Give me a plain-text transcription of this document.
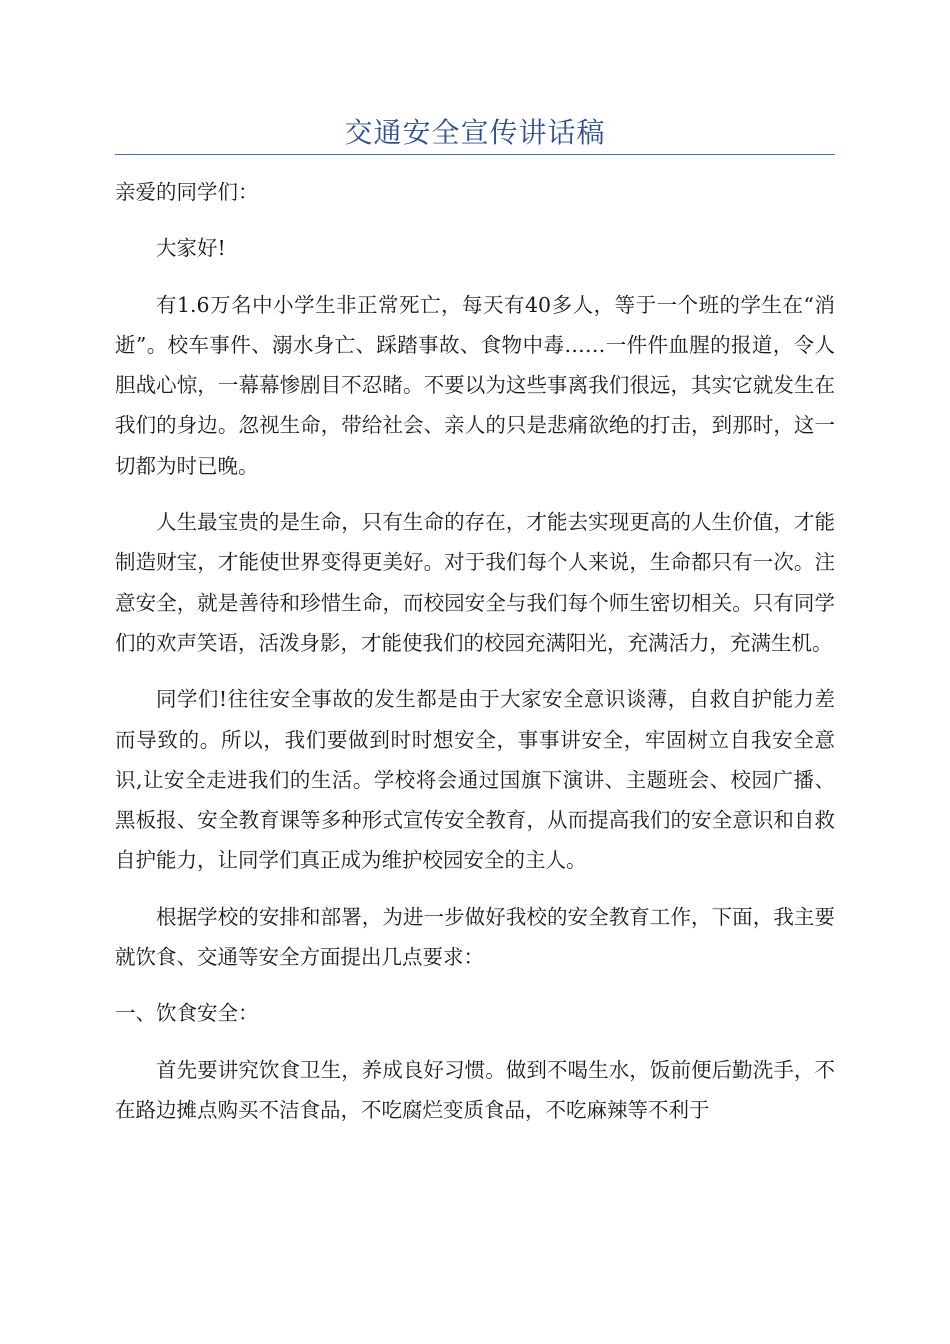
交通安全宣传讲话稿

亲爱的同学们：

大家好!

有1.6万名中小学生非正常死亡，每天有40多人，等于一个班的学生在“消逝”。校车事件、溺水身亡、踩踏事故、食物中毒……一件件血腥的报道，令人胆战心惊，一幕幕惨剧目不忍睹。不要以为这些事离我们很远，其实它就发生在我们的身边。忽视生命，带给社会、亲人的只是悲痛欲绝的打击，到那时，这一切都为时已晚。

人生最宝贵的是生命，只有生命的存在，才能去实现更高的人生价值，才能制造财宝，才能使世界变得更美好。对于我们每个人来说，生命都只有一次。注意安全，就是善待和珍惜生命，而校园安全与我们每个师生密切相关。只有同学们的欢声笑语，活泼身影，才能使我们的校园充满阳光，充满活力，充满生机。

同学们!往往安全事故的发生都是由于大家安全意识谈薄，自救自护能力差而导致的。所以，我们要做到时时想安全，事事讲安全，牢固树立自我安全意识,让安全走进我们的生活。学校将会通过国旗下演讲、主题班会、校园广播、黑板报、安全教育课等多种形式宣传安全教育，从而提高我们的安全意识和自救自护能力，让同学们真正成为维护校园安全的主人。

根据学校的安排和部署，为进一步做好我校的安全教育工作，下面，我主要就饮食、交通等安全方面提出几点要求：

一、饮食安全：

首先要讲究饮食卫生，养成良好习惯。做到不喝生水，饭前便后勤洗手，不在路边摊点购买不洁食品，不吃腐烂变质食品，不吃麻辣等不利于
